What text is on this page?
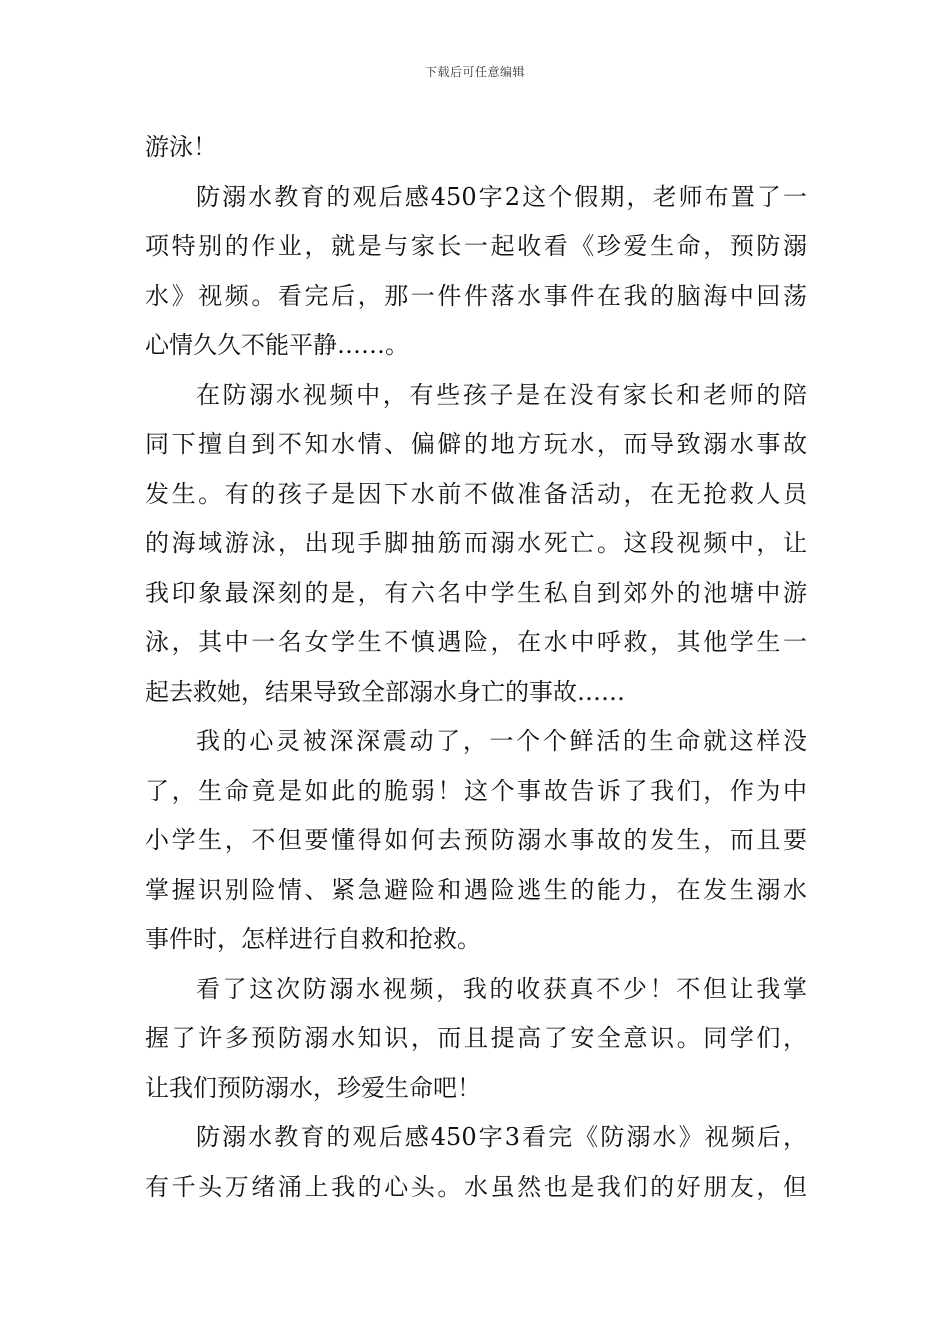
下载后可任意编辑
游泳！
防溺水教育的观后感450字2这个假期，老师布置了一
项特别的作业，就是与家长一起收看《珍爱生命，预防溺
水》视频。看完后，那一件件落水事件在我的脑海中回荡
心情久久不能平静……。
在防溺水视频中，有些孩子是在没有家长和老师的陪
同下擅自到不知水情、偏僻的地方玩水，而导致溺水事故
发生。有的孩子是因下水前不做准备活动，在无抢救人员
的海域游泳，出现手脚抽筋而溺水死亡。这段视频中，让
我印象最深刻的是，有六名中学生私自到郊外的池塘中游
泳，其中一名女学生不慎遇险，在水中呼救，其他学生一
起去救她，结果导致全部溺水身亡的事故……
我的心灵被深深震动了，一个个鲜活的生命就这样没
了，生命竟是如此的脆弱！这个事故告诉了我们，作为中
小学生，不但要懂得如何去预防溺水事故的发生，而且要
掌握识别险情、紧急避险和遇险逃生的能力，在发生溺水
事件时，怎样进行自救和抢救。
看了这次防溺水视频，我的收获真不少！不但让我掌
握了许多预防溺水知识，而且提高了安全意识。同学们，
让我们预防溺水，珍爱生命吧！
防溺水教育的观后感450字3看完《防溺水》视频后，
有千头万绪涌上我的心头。水虽然也是我们的好朋友，但
